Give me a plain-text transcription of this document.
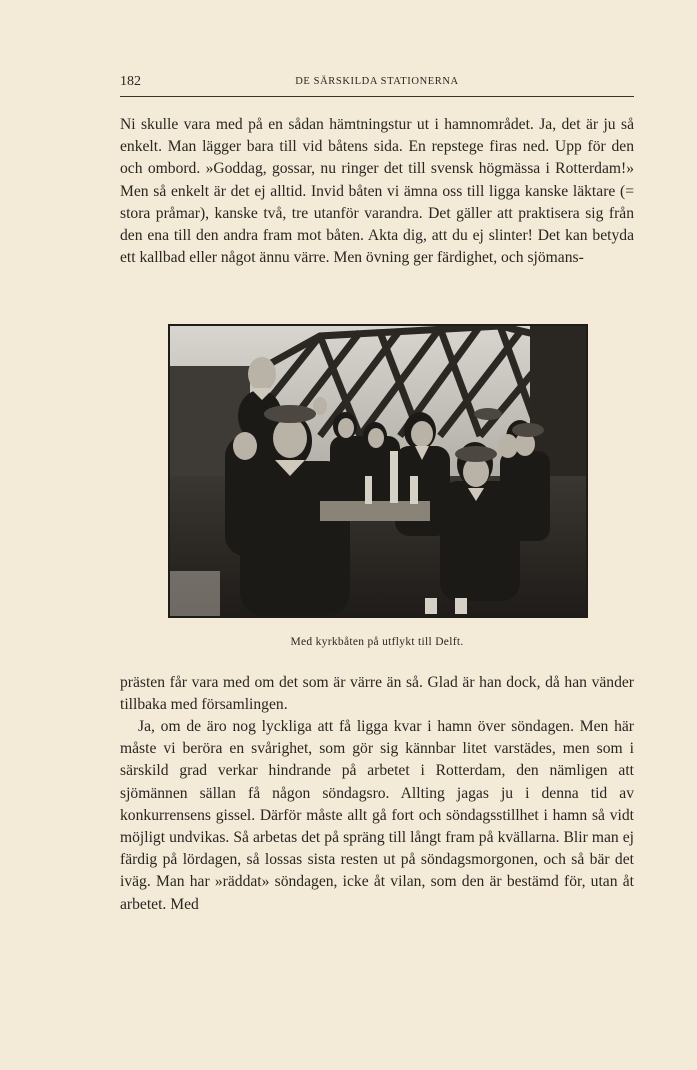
182	DE SÄRSKILDA STATIONERNA

Ni skulle vara med på en sådan hämtningstur ut i hamnområdet. Ja, det är ju så enkelt. Man lägger bara till vid båtens sida. En repstege firas ned. Upp för den och ombord. »Goddag, gossar, nu ringer det till svensk högmässa i Rotterdam!» Men så enkelt är det ej alltid. Invid båten vi ämna oss till ligga kanske läktare (= stora pråmar), kanske två, tre utanför varandra. Det gäller att praktisera sig från den ena till den andra fram mot båten. Akta dig, att du ej slinter! Det kan betyda ett kallbad eller något ännu värre. Men övning ger färdighet, och sjömans-

Med kyrkbåten på utflykt till Delft.

prästen får vara med om det som är värre än så. Glad är han dock, då han vänder tillbaka med församlingen.

Ja, om de äro nog lyckliga att få ligga kvar i hamn över söndagen. Men här måste vi beröra en svårighet, som gör sig kännbar litet varstädes, men som i särskild grad verkar hindrande på arbetet i Rotterdam, den nämligen att sjömännen sällan få någon söndagsro. Allting jagas ju i denna tid av konkurrensens gissel. Därför måste allt gå fort och söndagsstillhet i hamn så vidt möjligt undvikas. Så arbetas det på spräng till långt fram på kvällarna. Blir man ej färdig på lördagen, så lossas sista resten ut på söndagsmorgonen, och så bär det iväg. Man har »räddat» söndagen, icke åt vilan, som den är bestämd för, utan åt arbetet. Med
